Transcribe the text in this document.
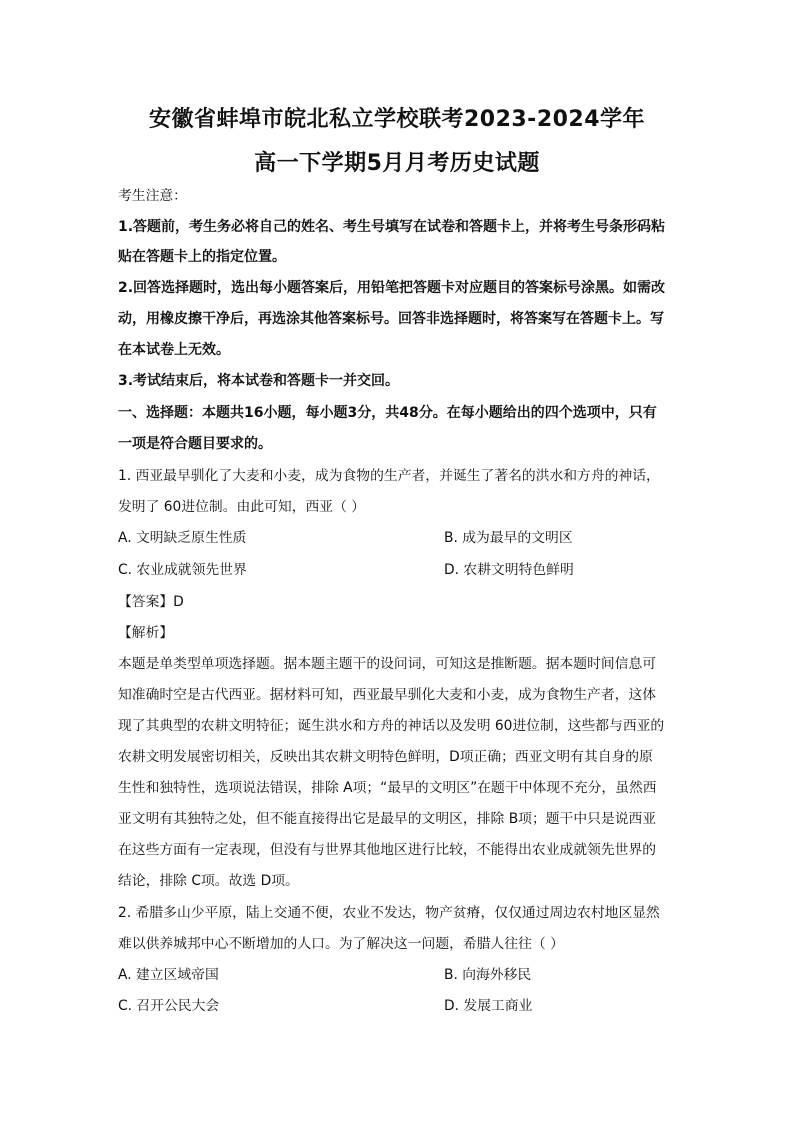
安徽省蚌埠市皖北私立学校联考2023-2024学年
高一下学期5月月考历史试题
考生注意：
1.答题前，考生务必将自己的姓名、考生号填写在试卷和答题卡上，并将考生号条形码粘
贴在答题卡上的指定位置。
2.回答选择题时，选出每小题答案后，用铅笔把答题卡对应题目的答案标号涂黑。如需改
动，用橡皮擦干净后，再选涂其他答案标号。回答非选择题时，将答案写在答题卡上。写
在本试卷上无效。
3.考试结束后，将本试卷和答题卡一并交回。
一、选择题：本题共16小题，每小题3分，共48分。在每小题给出的四个选项中，只有
一项是符合题目要求的。
1. 西亚最早驯化了大麦和小麦，成为食物的生产者，并诞生了著名的洪水和方舟的神话，
发明了 60进位制。由此可知，西亚（ ）
A. 文明缺乏原生性质	B. 成为最早的文明区
C. 农业成就领先世界	D. 农耕文明特色鲜明
【答案】D
【解析】
本题是单类型单项选择题。据本题主题干的设问词，可知这是推断题。据本题时间信息可
知准确时空是古代西亚。据材料可知，西亚最早驯化大麦和小麦，成为食物生产者，这体
现了其典型的农耕文明特征；诞生洪水和方舟的神话以及发明 60进位制，这些都与西亚的
农耕文明发展密切相关，反映出其农耕文明特色鲜明，D项正确；西亚文明有其自身的原
生性和独特性，选项说法错误，排除 A项；“最早的文明区”在题干中体现不充分，虽然西
亚文明有其独特之处，但不能直接得出它是最早的文明区，排除 B项；题干中只是说西亚
在这些方面有一定表现，但没有与世界其他地区进行比较，不能得出农业成就领先世界的
结论，排除 C项。故选 D项。
2. 希腊多山少平原，陆上交通不便，农业不发达，物产贫瘠，仅仅通过周边农村地区显然
难以供养城邦中心不断增加的人口。为了解决这一问题，希腊人往往（ ）
A. 建立区域帝国	B. 向海外移民
C. 召开公民大会	D. 发展工商业
